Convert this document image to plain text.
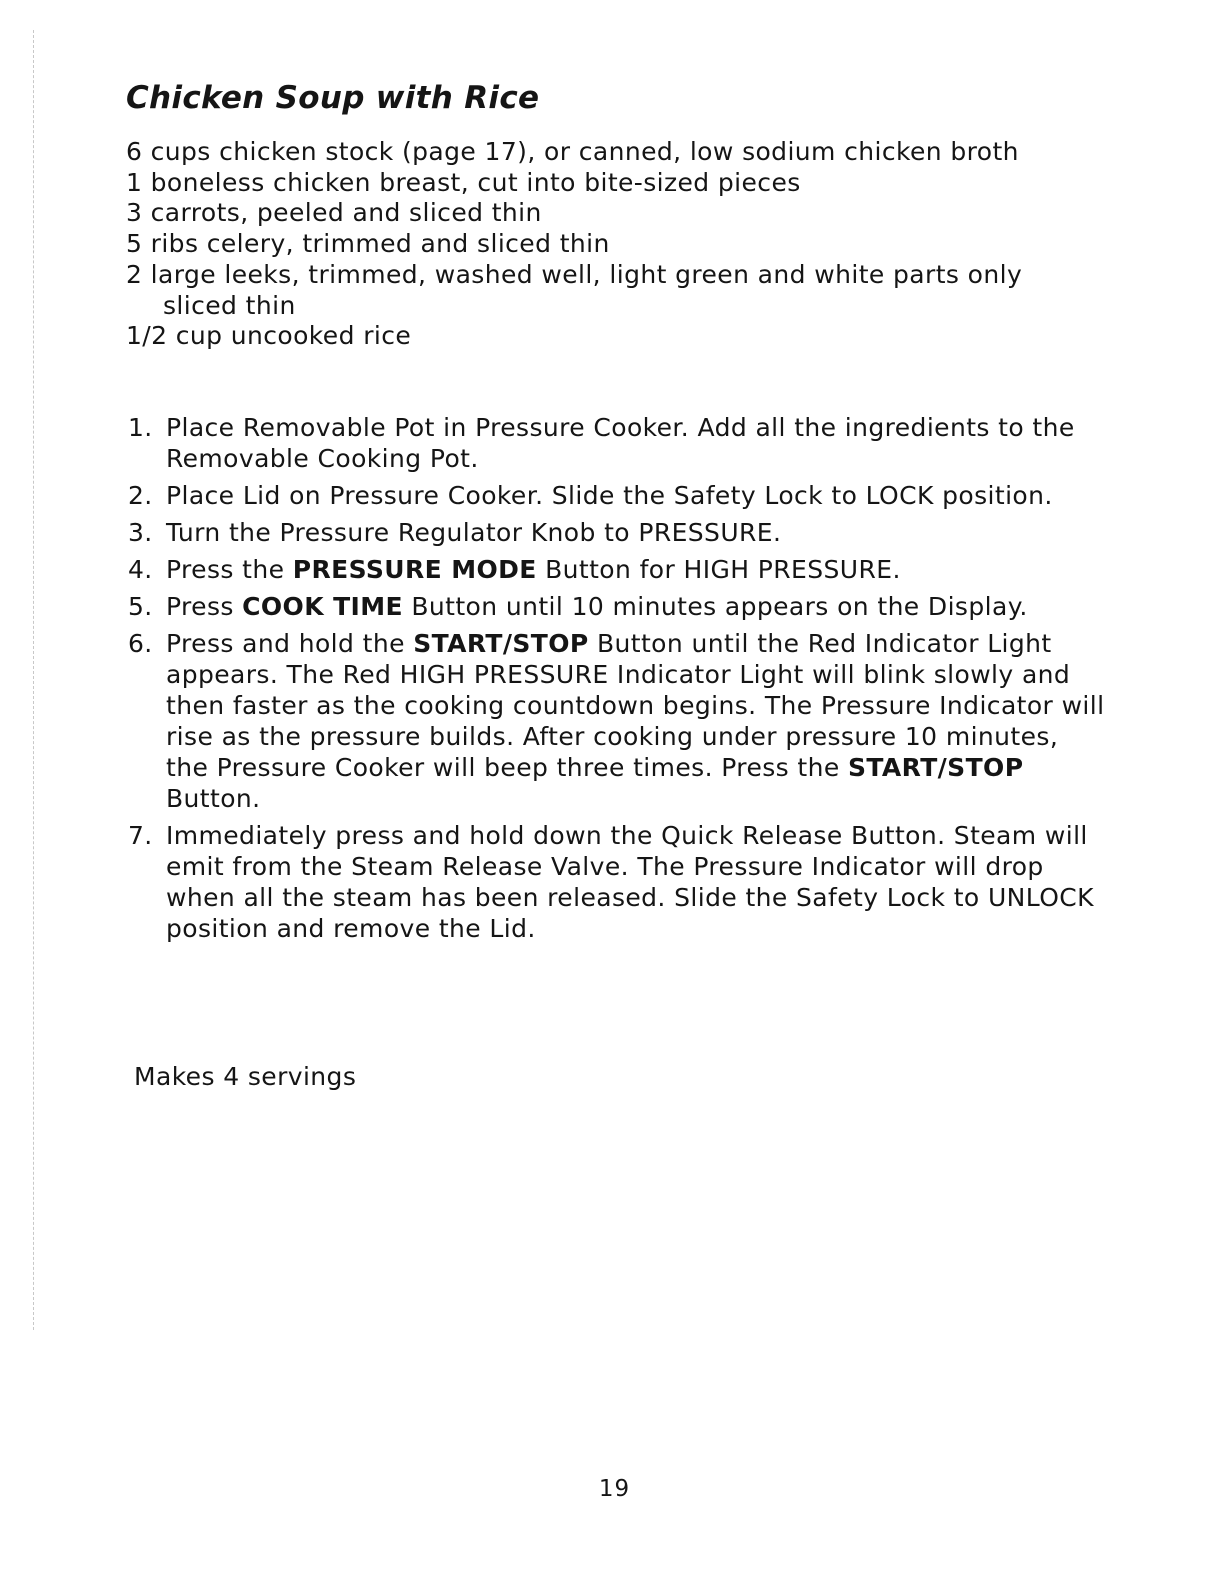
Chicken Soup with Rice
6 cups chicken stock (page 17), or canned, low sodium chicken broth
1 boneless chicken breast, cut into bite-sized pieces
3 carrots, peeled and sliced thin
5 ribs celery, trimmed and sliced thin
2 large leeks, trimmed, washed well, light green and white parts only sliced thin
1/2 cup uncooked rice
1. Place Removable Pot in Pressure Cooker. Add all the ingredients to the Removable Cooking Pot.
2. Place Lid on Pressure Cooker. Slide the Safety Lock to LOCK position.
3. Turn the Pressure Regulator Knob to PRESSURE.
4. Press the PRESSURE MODE Button for HIGH PRESSURE.
5. Press COOK TIME Button until 10 minutes appears on the Display.
6. Press and hold the START/STOP Button until the Red Indicator Light appears. The Red HIGH PRESSURE Indicator Light will blink slowly and then faster as the cooking countdown begins. The Pressure Indicator will rise as the pressure builds. After cooking under pressure 10 minutes, the Pressure Cooker will beep three times. Press the START/STOP Button.
7. Immediately press and hold down the Quick Release Button. Steam will emit from the Steam Release Valve. The Pressure Indicator will drop when all the steam has been released. Slide the Safety Lock to UNLOCK position and remove the Lid.

Makes 4 servings

19
